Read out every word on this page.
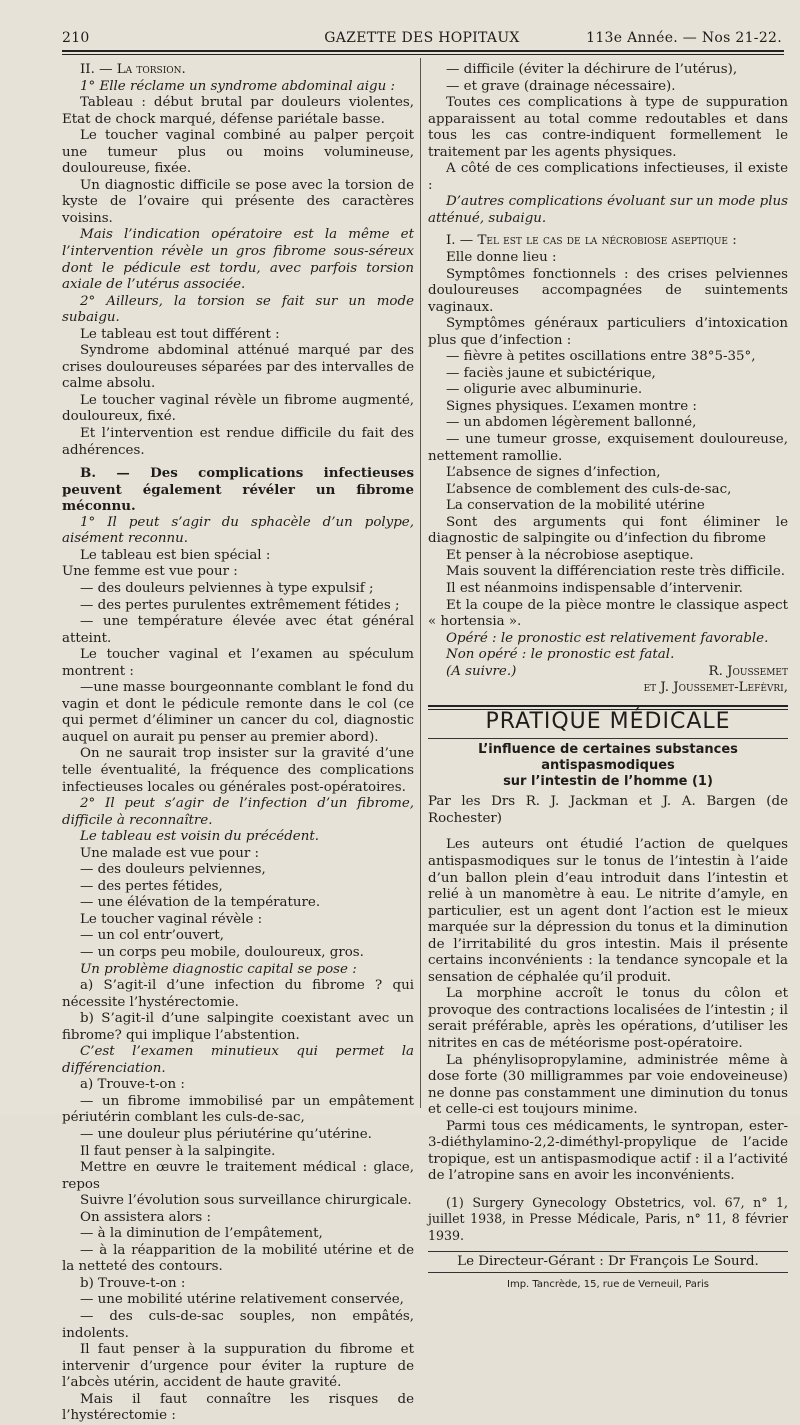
210	GAZETTE DES HOPITAUX	113e Année. — Nos 21-22.

II. — La torsion.

1° Elle réclame un syndrome abdominal aigu :

Tableau : début brutal par douleurs violentes, Etat de chock marqué, défense pariétale basse.

Le toucher vaginal combiné au palper perçoit une tumeur plus ou moins volumineuse, douloureuse, fixée.

Un diagnostic difficile se pose avec la torsion de kyste de l’ovaire qui présente des caractères voisins.

Mais l’indication opératoire est la même et l’intervention révèle un gros fibrome sous-séreux dont le pédicule est tordu, avec parfois torsion axiale de l’utérus associée.

2° Ailleurs, la torsion se fait sur un mode subaigu.

Le tableau est tout différent :

Syndrome abdominal atténué marqué par des crises douloureuses séparées par des intervalles de calme absolu.

Le toucher vaginal révèle un fibrome augmenté, douloureux, fixé.

Et l’intervention est rendue difficile du fait des adhérences.

B. — Des complications infectieuses peuvent également révéler un fibrome méconnu.

1° Il peut s’agir du sphacèle d’un polype, aisément reconnu.

Le tableau est bien spécial :

Une femme est vue pour :

— des douleurs pelviennes à type expulsif ;

— des pertes purulentes extrêmement fétides ;

— une température élevée avec état général atteint.

Le toucher vaginal et l’examen au spéculum montrent :

—une masse bourgeonnante comblant le fond du vagin et dont le pédicule remonte dans le col (ce qui permet d’éliminer un cancer du col, diagnostic auquel on aurait pu penser au premier abord).

On ne saurait trop insister sur la gravité d’une telle éventualité, la fréquence des complications infectieuses locales ou générales post-opératoires.

2° Il peut s’agir de l’infection d’un fibrome, difficile à reconnaître.

Le tableau est voisin du précédent.

Une malade est vue pour :

— des douleurs pelviennes,

— des pertes fétides,

— une élévation de la température.

Le toucher vaginal révèle :

— un col entr’ouvert,

— un corps peu mobile, douloureux, gros.

Un problème diagnostic capital se pose :

a) S’agit-il d’une infection du fibrome ? qui nécessite l’hystérectomie.

b) S’agit-il d’une salpingite coexistant avec un fibrome? qui implique l’abstention.

C’est l’examen minutieux qui permet la différenciation.

a) Trouve-t-on :

— un fibrome immobilisé par un empâtement périutérin comblant les culs-de-sac,

— une douleur plus périutérine qu’utérine.

Il faut penser à la salpingite.

Mettre en œuvre le traitement médical : glace, repos

Suivre l’évolution sous surveillance chirurgicale.

On assistera alors :

— à la diminution de l’empâtement,

— à la réapparition de la mobilité utérine et de la netteté des contours.

b) Trouve-t-on :

— une mobilité utérine relativement conservée,

— des culs-de-sac souples, non empâtés, indolents.

Il faut penser à la suppuration du fibrome et intervenir d’urgence pour éviter la rupture de l’abcès utérin, accident de haute gravité.

Mais il faut connaître les risques de l’hystérectomie :

— difficile (éviter la déchirure de l’utérus),

— et grave (drainage nécessaire).

Toutes ces complications à type de suppuration apparaissent au total comme redoutables et dans tous les cas contre-indiquent formellement le traitement par les agents physiques.

A côté de ces complications infectieuses, il existe :

D’autres complications évoluant sur un mode plus atténué, subaigu.

I. — Tel est le cas de la nécrobiose aseptique :

Elle donne lieu :

Symptômes fonctionnels : des crises pelviennes douloureuses accompagnées de suintements vaginaux.

Symptômes généraux particuliers d’intoxication plus que d’infection :

— fièvre à petites oscillations entre 38°5-35°,

— faciès jaune et subictérique,

— oligurie avec albuminurie.

Signes physiques. L’examen montre :

— un abdomen légèrement ballonné,

— une tumeur grosse, exquisement douloureuse, nettement ramollie.

L’absence de signes d’infection,

L’absence de comblement des culs-de-sac,

La conservation de la mobilité utérine

Sont des arguments qui font éliminer le diagnostic de salpingite ou d’infection du fibrome

Et penser à la nécrobiose aseptique.

Mais souvent la différenciation reste très difficile.

Il est néanmoins indispensable d’intervenir.

Et la coupe de la pièce montre le classique aspect « hortensia ».

Opéré : le pronostic est relativement favorable.

Non opéré : le pronostic est fatal.

(A suivre.)	R. Joussemet

et J. Joussemet-Lefèvri,

PRATIQUE MÉDICALE
L’influence de certaines substances antispasmodiques
sur l’intestin de l’homme (1)

Par les Drs R. J. Jackman et J. A. Bargen (de Rochester)

Les auteurs ont étudié l’action de quelques antispasmodiques sur le tonus de l’intestin à l’aide d’un ballon plein d’eau introduit dans l’intestin et relié à un manomètre à eau. Le nitrite d’amyle, en particulier, est un agent dont l’action est le mieux marquée sur la dépression du tonus et la diminution de l’irritabilité du gros intestin. Mais il présente certains inconvénients : la tendance syncopale et la sensation de céphalée qu’il produit.

La morphine accroît le tonus du côlon et provoque des contractions localisées de l’intestin ; il serait préférable, après les opérations, d’utiliser les nitrites en cas de météorisme post-opératoire.

La phénylisopropylamine, administrée même à dose forte (30 milligrammes par voie endoveineuse) ne donne pas constamment une diminution du tonus et celle-ci est toujours minime.

Parmi tous ces médicaments, le syntropan, ester-3-diéthylamino-2,2-diméthyl-propylique de l’acide tropique, est un antispasmodique actif : il a l’activité de l’atropine sans en avoir les inconvénients.

(1) Surgery Gynecology Obstetrics, vol. 67, n° 1, juillet 1938, in Presse Médicale, Paris, n° 11, 8 février 1939.

Le Directeur-Gérant : Dr François Le Sourd.
Imp. Tancrède, 15, rue de Verneuil, Paris
